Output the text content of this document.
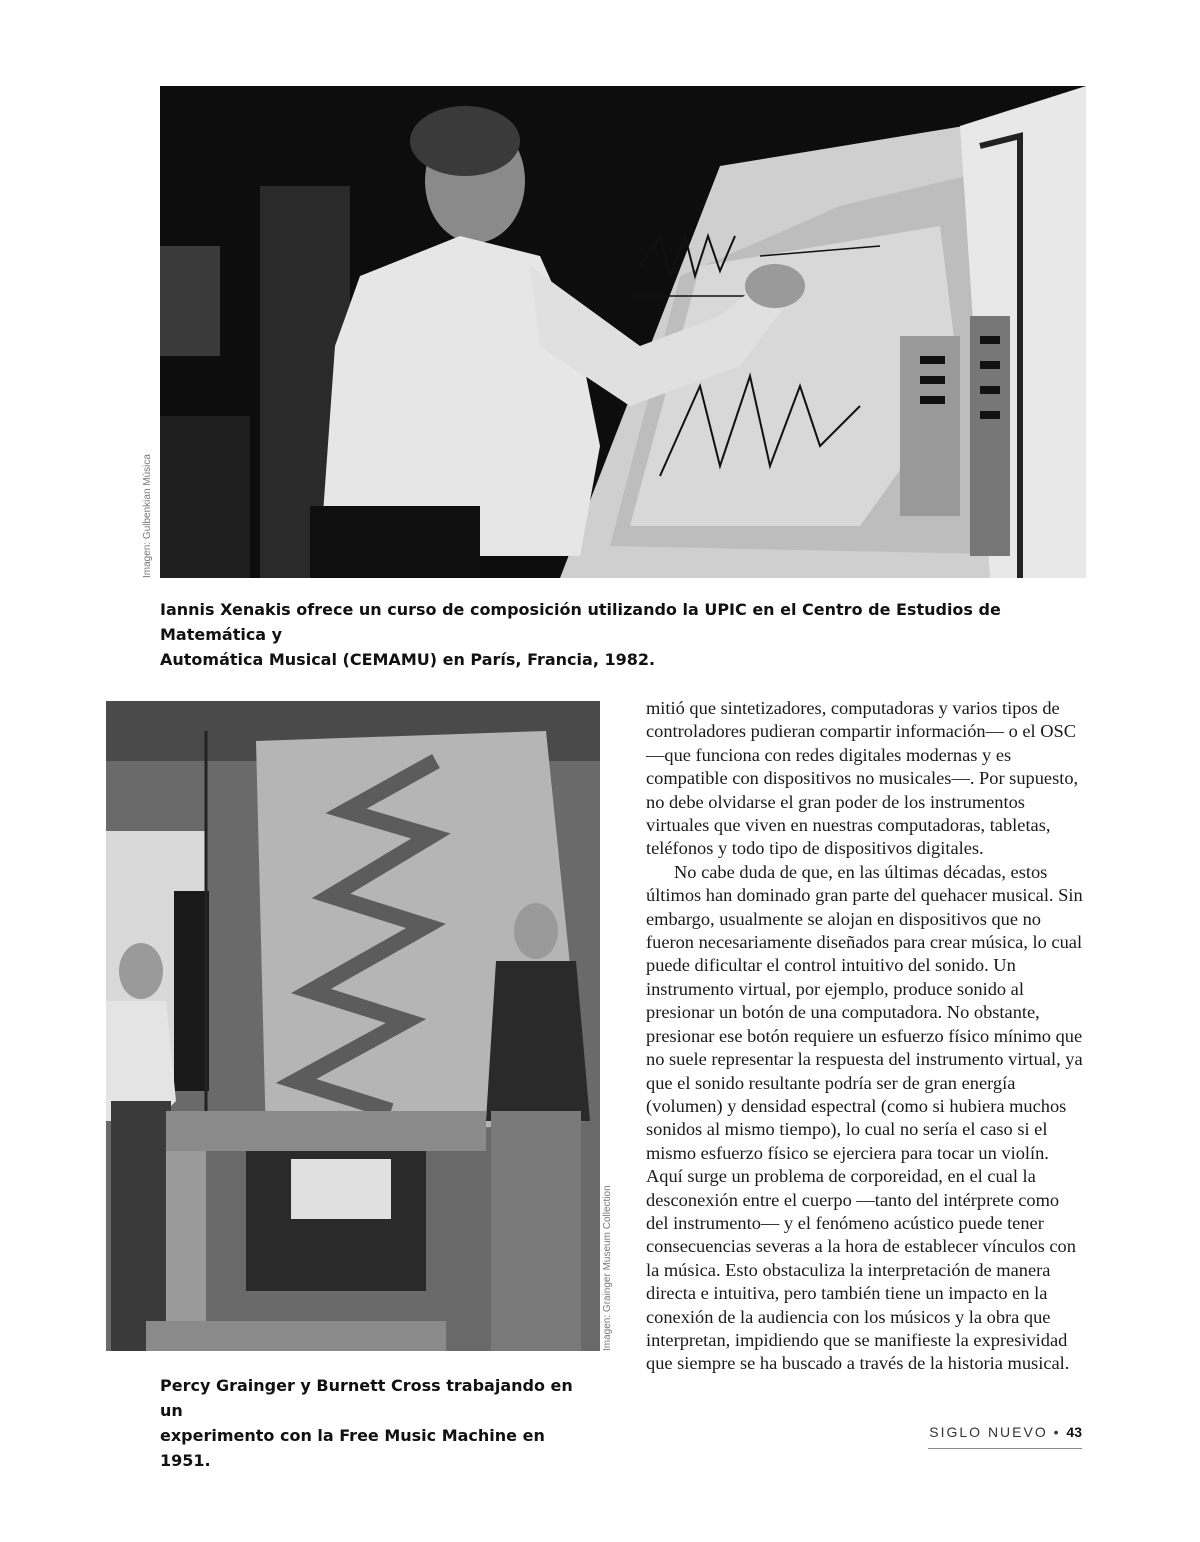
Imagen: Gulbenkian Música
Iannis Xenakis ofrece un curso de composición utilizando la UPIC en el Centro de Estudios de Matemática y
Automática Musical (CEMAMU) en París, Francia, 1982.
Imagen: Grainger Museum Collection
Percy Grainger y Burnett Cross trabajando en un
experimento con la Free Music Machine en 1951.

mitió que sintetizadores, computadoras y varios tipos de controladores pudieran compartir información— o el OSC —que funciona con redes digitales modernas y es compatible con dispositivos no musicales—. Por supuesto, no debe olvidarse el gran poder de los instrumentos virtuales que viven en nuestras computadoras, tabletas, teléfonos y todo tipo de dispositivos digitales.

No cabe duda de que, en las últimas décadas, estos últimos han dominado gran parte del quehacer musical. Sin embargo, usualmente se alojan en dispositivos que no fueron necesariamente diseñados para crear música, lo cual puede dificultar el control intuitivo del sonido. Un instrumento virtual, por ejemplo, produce sonido al presionar un botón de una computadora. No obstante, presionar ese botón requiere un esfuerzo físico mínimo que no suele representar la respuesta del instrumento virtual, ya que el sonido resultante podría ser de gran energía (volumen) y densidad espectral (como si hubiera muchos sonidos al mismo tiempo), lo cual no sería el caso si el mismo esfuerzo físico se ejerciera para tocar un violín. Aquí surge un problema de corporeidad, en el cual la desconexión entre el cuerpo —tanto del intérprete como del instrumento— y el fenómeno acústico puede tener consecuencias severas a la hora de establecer vínculos con la música. Esto obstaculiza la interpretación de manera directa e intuitiva, pero también tiene un impacto en la conexión de la audiencia con los músicos y la obra que interpretan, impidiendo que se manifieste la expresividad que siempre se ha buscado a través de la historia musical.

SIGLO NUEVO • 43
